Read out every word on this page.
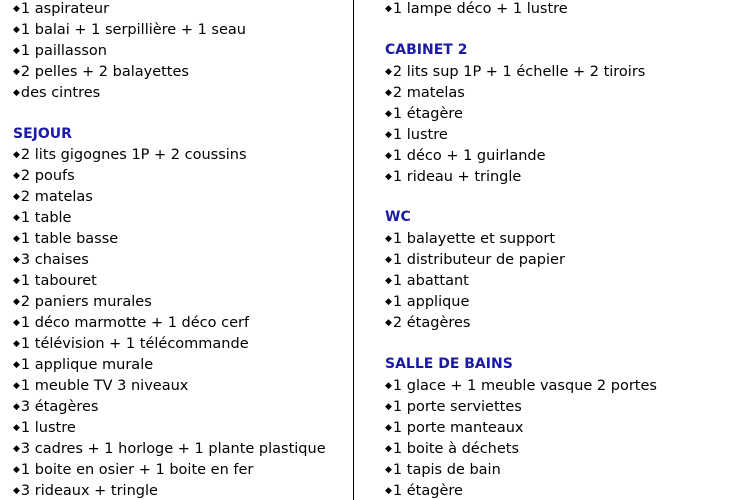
◆1 aspirateur
◆1 balai + 1 serpillière + 1 seau
◆1 paillasson
◆2 pelles + 2 balayettes
◆des cintres
SEJOUR
◆2 lits gigognes 1P + 2 coussins
◆2 poufs
◆2 matelas
◆1 table
◆1 table basse
◆3 chaises
◆1 tabouret
◆2 paniers murales
◆1 déco marmotte + 1 déco cerf
◆1 télévision + 1 télécommande
◆1 applique murale
◆1 meuble TV 3 niveaux
◆3 étagères
◆1 lustre
◆3 cadres + 1 horloge + 1 plante plastique
◆1 boite en osier + 1 boite en fer
◆3 rideaux + tringle
◆1 lampe déco + 1 lustre
CABINET 2
◆2 lits sup 1P + 1 échelle + 2 tiroirs
◆2 matelas
◆1 étagère
◆1 lustre
◆1 déco + 1 guirlande
◆1 rideau + tringle
WC
◆1 balayette et support
◆1 distributeur de papier
◆1 abattant
◆1 applique
◆2 étagères
SALLE DE BAINS
◆1 glace + 1 meuble vasque 2 portes
◆1 porte serviettes
◆1 porte manteaux
◆1 boite à déchets
◆1 tapis de bain
◆1 étagère
